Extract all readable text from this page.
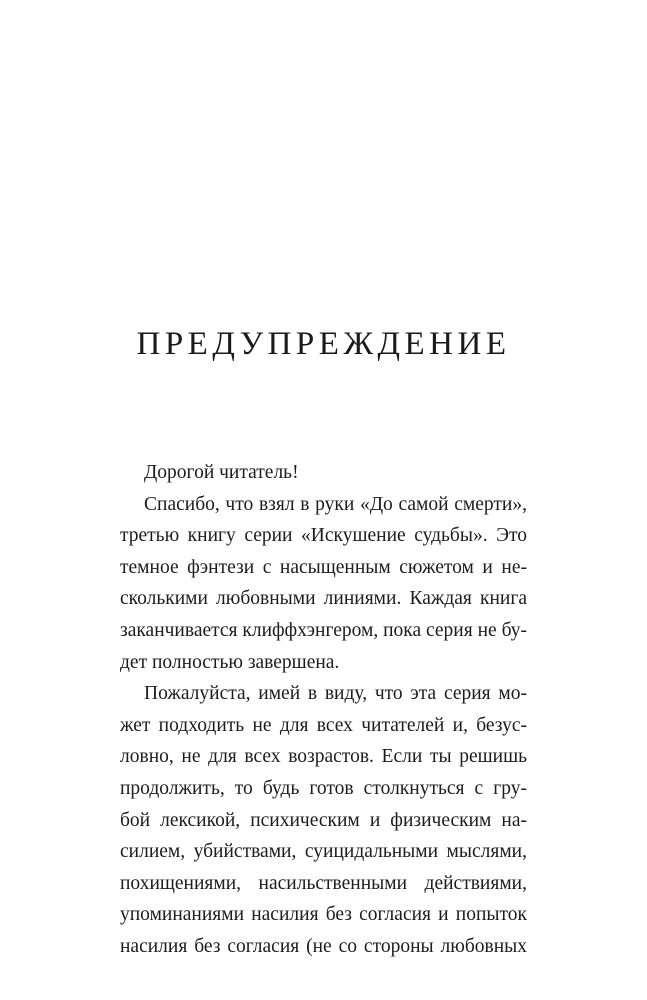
ПРЕДУПРЕЖДЕНИЕ
Дорогой читатель!
Спасибо, что взял в руки «До самой смерти»,
третью книгу серии «Искушение судьбы». Это
темное фэнтези с насыщенным сюжетом и не-
сколькими любовными линиями. Каждая книга
заканчивается клиффхэнгером, пока серия не бу-
дет полностью завершена.
Пожалуйста, имей в виду, что эта серия мо-
жет подходить не для всех читателей и, безус-
ловно, не для всех возрастов. Если ты решишь
продолжить, то будь готов столкнуться с гру-
бой лексикой, психическим и физическим на-
силием, убийствами, суицидальными мыслями,
похищениями, насильственными действиями,
упоминаниями насилия без согласия и попыток
насилия без согласия (не со стороны любовных
